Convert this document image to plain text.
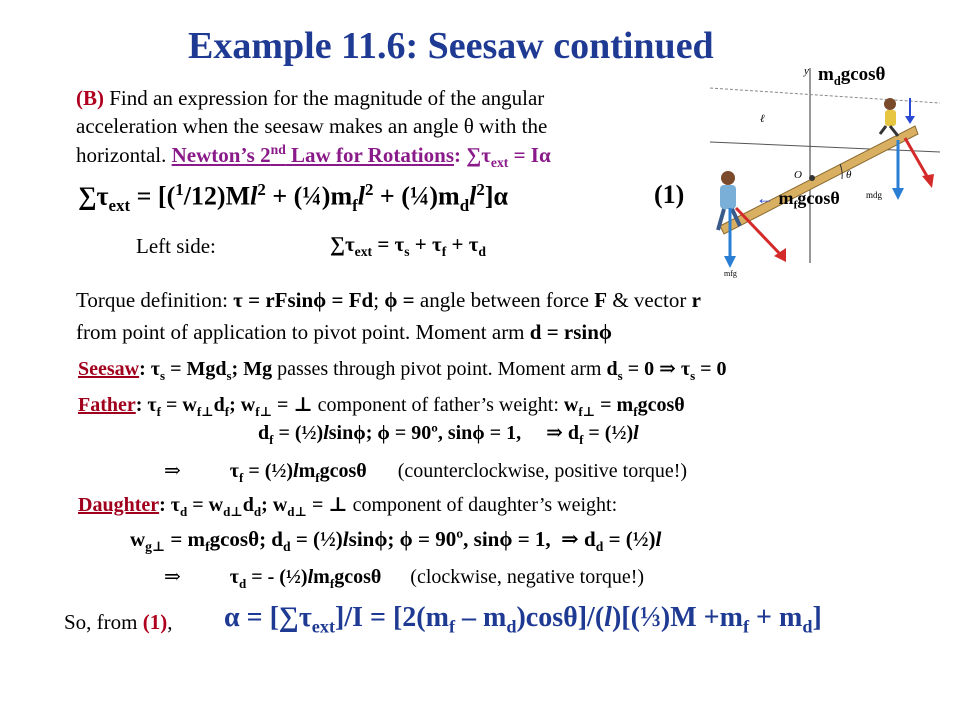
Example 11.6: Seesaw continued
(B) Find an expression for the magnitude of the angular
acceleration when the seesaw makes an angle θ with the
horizontal. Newton’s 2nd Law for Rotations: $\sum\tau_{ext} = I\alpha$
$\sum\tau_{ext} = [(^1/12)Ml^2$ + $(\frac{1}{4})m_fl^2$ + $(\frac{1}{4})m_dl^2]\alpha$	(1)
Left side:	$\sum\tau_{ext} = \tau_s + \tau_f + \tau_d$
Torque definition: τ = rFsinϕ = Fd; ϕ = angle between force F & vector r
from point of application to pivot point. Moment arm d = rsinϕ
Seesaw: $\tau_s = Mgd_s$; Mg passes through pivot point. Moment arm $d_s = 0$ ⇒ $\tau_s = 0$
Father: $\tau_f = w_{f\perp}d_f$; $w_{f\perp}$ = ⊥ component of father’s weight: $w_{f\perp} = m_fgcos\theta$
$d_f$ = (½)lsinϕ; ϕ = 90º, sinϕ = 1,     ⇒ $d_f$ = (½)l
⇒ $\tau_f$ = $(\frac{1}{2})lm_fgcos\theta$ (counterclockwise, positive torque!)
Daughter: $\tau_d = w_{d\perp}d_d$; $w_{d\perp}$ = ⊥ component of daughter’s weight:
$w_{g\perp} = m_fgcos\theta$; $d_d$ = (½)lsinϕ; ϕ = 90º, sinϕ = 1,  ⇒ $d_d$ = (½)l
⇒ $\tau_d$ = - $(\frac{1}{2})lm_fgcos\theta$ (clockwise, negative torque!)
So, from (1), $\alpha = [\sum\tau_{ext}]/I = [2(m_f$ – $m_d)\cos\theta]/(l)[(\frac{1}{3})M +m_f + m_d]$
θ
O
y
ℓ
mdg
mfg
$m_dgcos\theta$
← $m_fgcos\theta$
